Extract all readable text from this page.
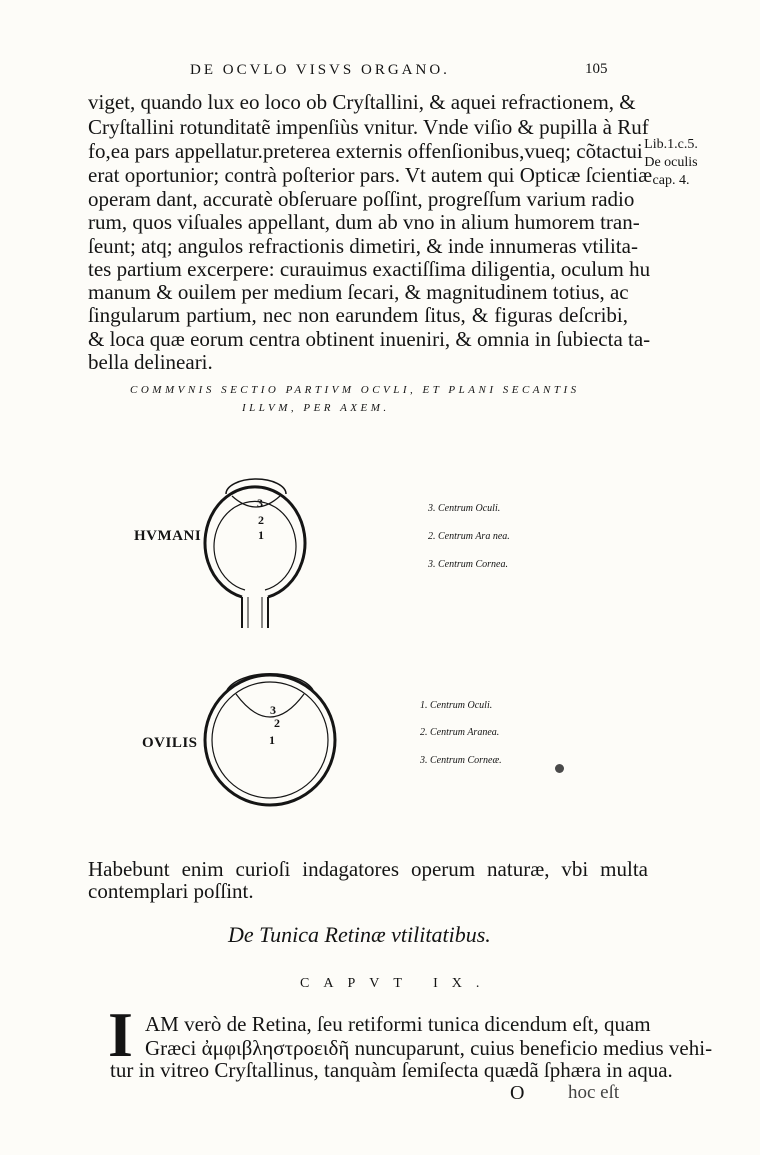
DE OCVLO VISVS ORGANO.	105
viget, quando lux eo loco ob Cryſtallini, & aquei refractionem, &
Cryſtallini rotunditatẽ impenſiùs vnitur. Vnde viſio & pupilla à Ruf
fo,ea pars appellatur.preterea externis offenſionibus,vueq; cõtactui
erat oportunior; contrà poſterior pars. Vt autem qui Opticæ ſcientiæ
operam dant, accuratè obſeruare poſſint, progreſſum varium radio
rum, quos viſuales appellant, dum ab vno in alium humorem tran-
ſeunt; atq; angulos refractionis dimetiri, & inde innumeras vtilita-
tes partium excerpere: curauimus exactiſſima diligentia, oculum hu
manum & ouilem per medium ſecari, & magnitudinem totius, ac
ſingularum partium, nec non earundem ſitus, & figuras deſcribi,
& loca quæ eorum centra obtinent inueniri, & omnia in ſubiecta ta-
bella delineari.
Lib.1.c.5.
De oculis
cap. 4.
COMMVNIS SECTIO PARTIVM OCVLI, ET PLANI SECANTIS
ILLVM, PER AXEM.
HVMANI
3
2
1
3. Centrum Oculi.
2. Centrum Ara nea.
3. Centrum Cornea.
OVILIS
3
2
1
1. Centrum Oculi.
2. Centrum Aranea.
3. Centrum Corneæ.
Habebunt enim curioſi indagatores operum naturæ, vbi multa
contemplari poſſint.
De Tunica Retinæ vtilitatibus.
CAPVT IX.
I AM verò de Retina, ſeu retiformi tunica dicendum eſt, quam
Græci ἀμφιβληστροειδῆ nuncuparunt, cuius beneficio medius vehi-
tur in vitreo Cryſtallinus, tanquàm ſemiſecta quædã ſphæra in aqua.
O hoc eſt
